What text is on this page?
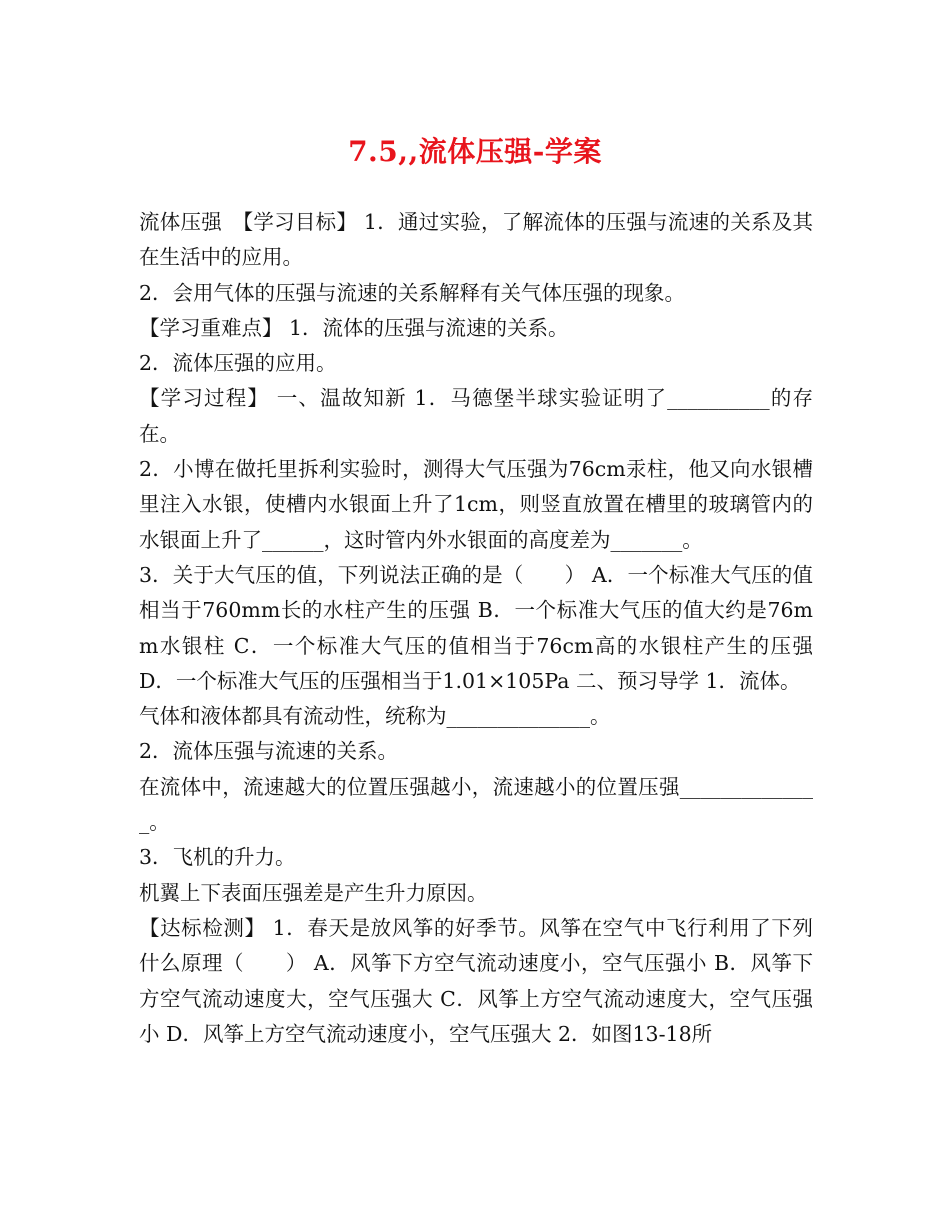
7.5,,流体压强-学案

流体压强　【学习目标】 1．通过实验，了解流体的压强与流速的关系及其在生活中的应用。

2．会用气体的压强与流速的关系解释有关气体压强的现象。

【学习重难点】 1．流体的压强与流速的关系。

2．流体压强的应用。

【学习过程】 一、温故知新 1．马德堡半球实验证明了__________的存在。

2．小博在做托里拆利实验时，测得大气压强为76cm汞柱，他又向水银槽里注入水银，使槽内水银面上升了1cm，则竖直放置在槽里的玻璃管内的水银面上升了______，这时管内外水银面的高度差为_______。

3．关于大气压的值，下列说法正确的是（　　） A．一个标准大气压的值相当于760mm长的水柱产生的压强 B．一个标准大气压的值大约是76mm水银柱 C．一个标准大气压的值相当于76cm高的水银柱产生的压强 D．一个标准大气压的压强相当于1.01×105Pa 二、预习导学 1．流体。

气体和液体都具有流动性，统称为______________。

2．流体压强与流速的关系。

在流体中，流速越大的位置压强越小，流速越小的位置压强______________。

3．飞机的升力。

机翼上下表面压强差是产生升力原因。

【达标检测】 1．春天是放风筝的好季节。风筝在空气中飞行利用了下列什么原理（　　） A．风筝下方空气流动速度小，空气压强小 B．风筝下方空气流动速度大，空气压强大 C．风筝上方空气流动速度大，空气压强小 D．风筝上方空气流动速度小，空气压强大 2．如图13-18所
